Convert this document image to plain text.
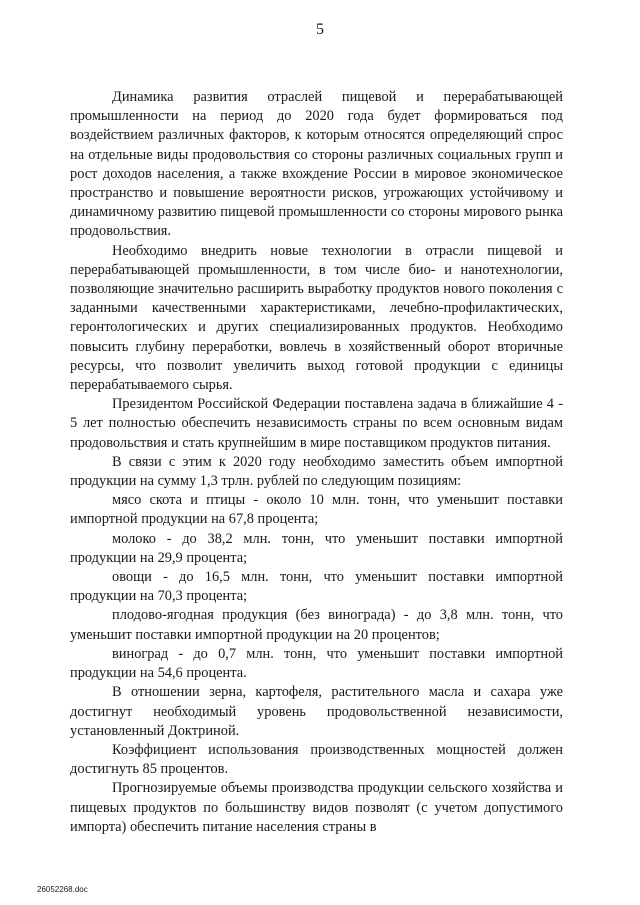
5

Динамика развития отраслей пищевой и перерабатывающей промышленности на период до 2020 года будет формироваться под воздействием различных факторов, к которым относятся определяющий спрос на отдельные виды продовольствия со стороны различных социальных групп и рост доходов населения, а также вхождение России в мировое экономическое пространство и повышение вероятности рисков, угрожающих устойчивому и динамичному развитию пищевой промышленности со стороны мирового рынка продовольствия.

Необходимо внедрить новые технологии в отрасли пищевой и перерабатывающей промышленности, в том числе био- и нанотехнологии, позволяющие значительно расширить выработку продуктов нового поколения с заданными качественными характеристиками, лечебно-профилактических, геронтологических и других специализированных продуктов. Необходимо повысить глубину переработки, вовлечь в хозяйственный оборот вторичные ресурсы, что позволит увеличить выход готовой продукции с единицы перерабатываемого сырья.

Президентом Российской Федерации поставлена задача в ближайшие 4 - 5 лет полностью обеспечить независимость страны по всем основным видам продовольствия и стать крупнейшим в мире поставщиком продуктов питания.

В связи с этим к 2020 году необходимо заместить объем импортной продукции на сумму 1,3 трлн. рублей по следующим позициям:

мясо скота и птицы - около 10 млн. тонн, что уменьшит поставки импортной продукции на 67,8 процента;

молоко - до 38,2 млн. тонн, что уменьшит поставки импортной продукции на 29,9 процента;

овощи - до 16,5 млн. тонн, что уменьшит поставки импортной продукции на 70,3 процента;

плодово-ягодная продукция (без винограда) - до 3,8 млн. тонн, что уменьшит поставки импортной продукции на 20 процентов;

виноград - до 0,7 млн. тонн, что уменьшит поставки импортной продукции на 54,6 процента.

В отношении зерна, картофеля, растительного масла и сахара уже достигнут необходимый уровень продовольственной независимости, установленный Доктриной.

Коэффициент использования производственных мощностей должен достигнуть 85 процентов.

Прогнозируемые объемы производства продукции сельского хозяйства и пищевых продуктов по большинству видов позволят (с учетом допустимого импорта) обеспечить питание населения страны в

26052268.doc
